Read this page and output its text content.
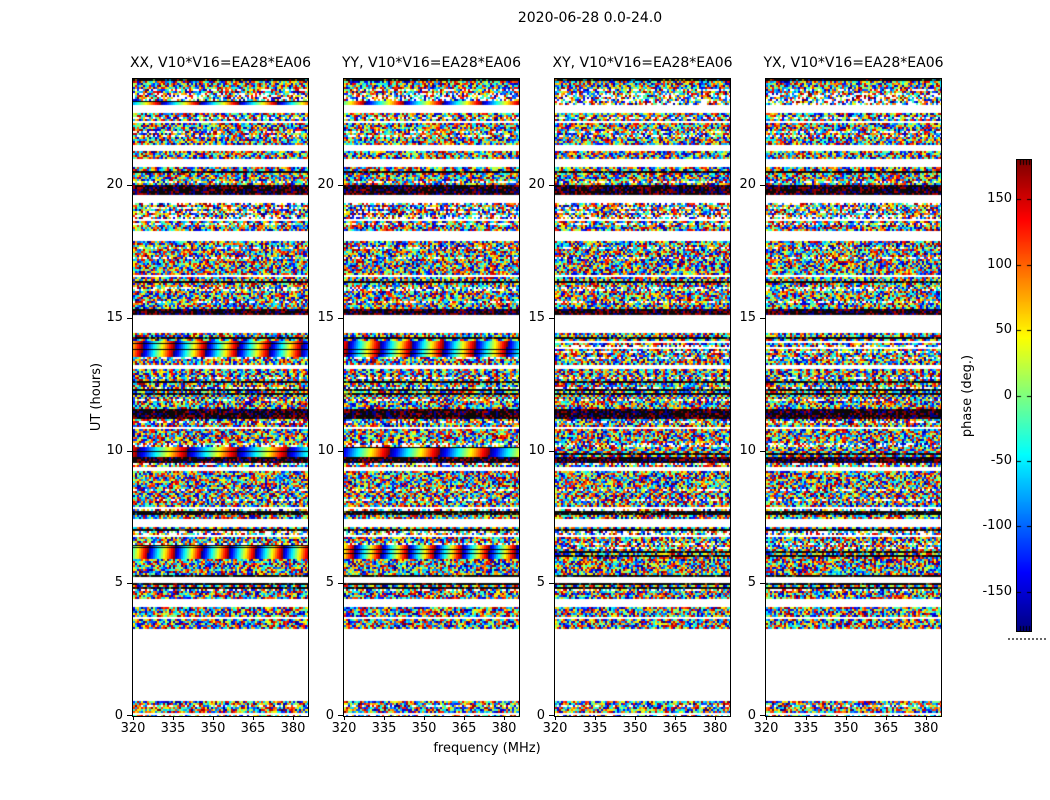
2020-06-28 0.0-24.0
XX, V10*V16=EA28*EA06
320	335	350	365	380
0
5
10
15
20
YY, V10*V16=EA28*EA06
320	335	350	365	380
0
5
10
15
20
XY, V10*V16=EA28*EA06
320	335	350	365	380
0
5
10
15
20
YX, V10*V16=EA28*EA06
320	335	350	365	380
0
5
10
15
20
UT (hours)
frequency (MHz)
150
100
50
0
-50
-100
-150
phase (deg.)
